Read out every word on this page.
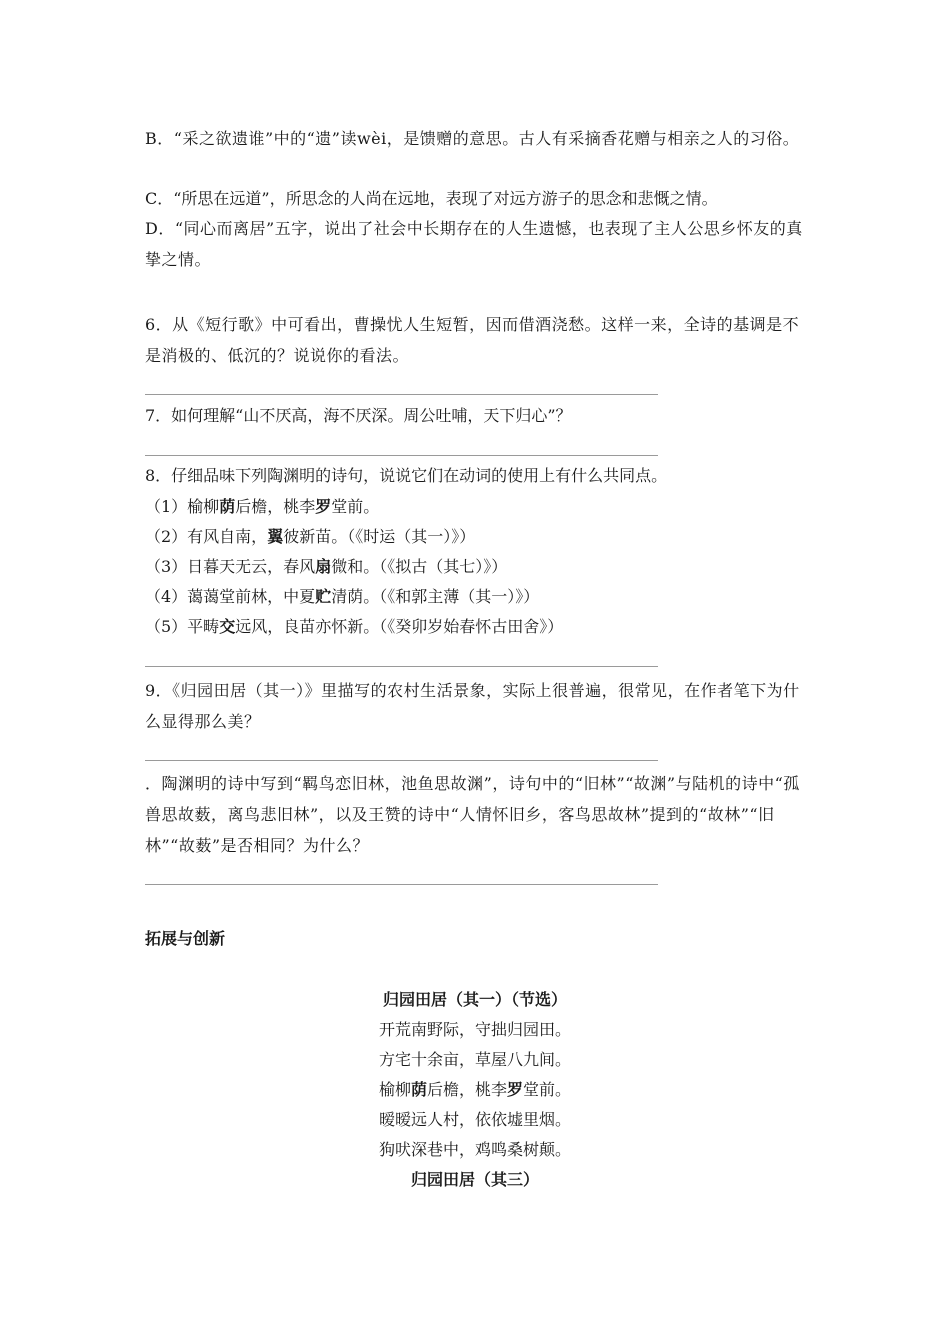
B．“采之欲遗谁”中的“遗”读wèi，是馈赠的意思。古人有采摘香花赠与相亲之人的习俗。

C．“所思在远道”，所思念的人尚在远地，表现了对远方游子的思念和悲慨之情。

D．“同心而离居”五字，说出了社会中长期存在的人生遗憾，也表现了主人公思乡怀友的真挚之情。

6．从《短行歌》中可看出，曹操忧人生短暂，因而借酒浇愁。这样一来，全诗的基调是不是消极的、低沉的？说说你的看法。

7．如何理解“山不厌高，海不厌深。周公吐哺，天下归心”？
8．仔细品味下列陶渊明的诗句，说说它们在动词的使用上有什么共同点。
（1）榆柳荫后檐，桃李罗堂前。
（2）有风自南，翼彼新苗。（《时运（其一）》）
（3）日暮天无云，春风扇微和。（《拟古（其七）》）
（4）蔼蔼堂前林，中夏贮清荫。（《和郭主薄（其一）》）
（5）平畴交远风，良苗亦怀新。（《癸卯岁始春怀古田舍》）

9．《归园田居（其一）》里描写的农村生活景象，实际上很普遍，很常见，在作者笔下为什么显得那么美？

．陶渊明的诗中写到“羁鸟恋旧林，池鱼思故渊”，诗句中的“旧林”“故渊”与陆机的诗中“孤兽思故薮，离鸟悲旧林”，以及王赞的诗中“人情怀旧乡，客鸟思故林”提到的“故林”“旧林”“故薮”是否相同？为什么？

拓展与创新
归园田居（其一）（节选）
开荒南野际，守拙归园田。
方宅十余亩，草屋八九间。
榆柳荫后檐，桃李罗堂前。
暧暧远人村，依依墟里烟。
狗吠深巷中，鸡鸣桑树颠。
归园田居（其三）
